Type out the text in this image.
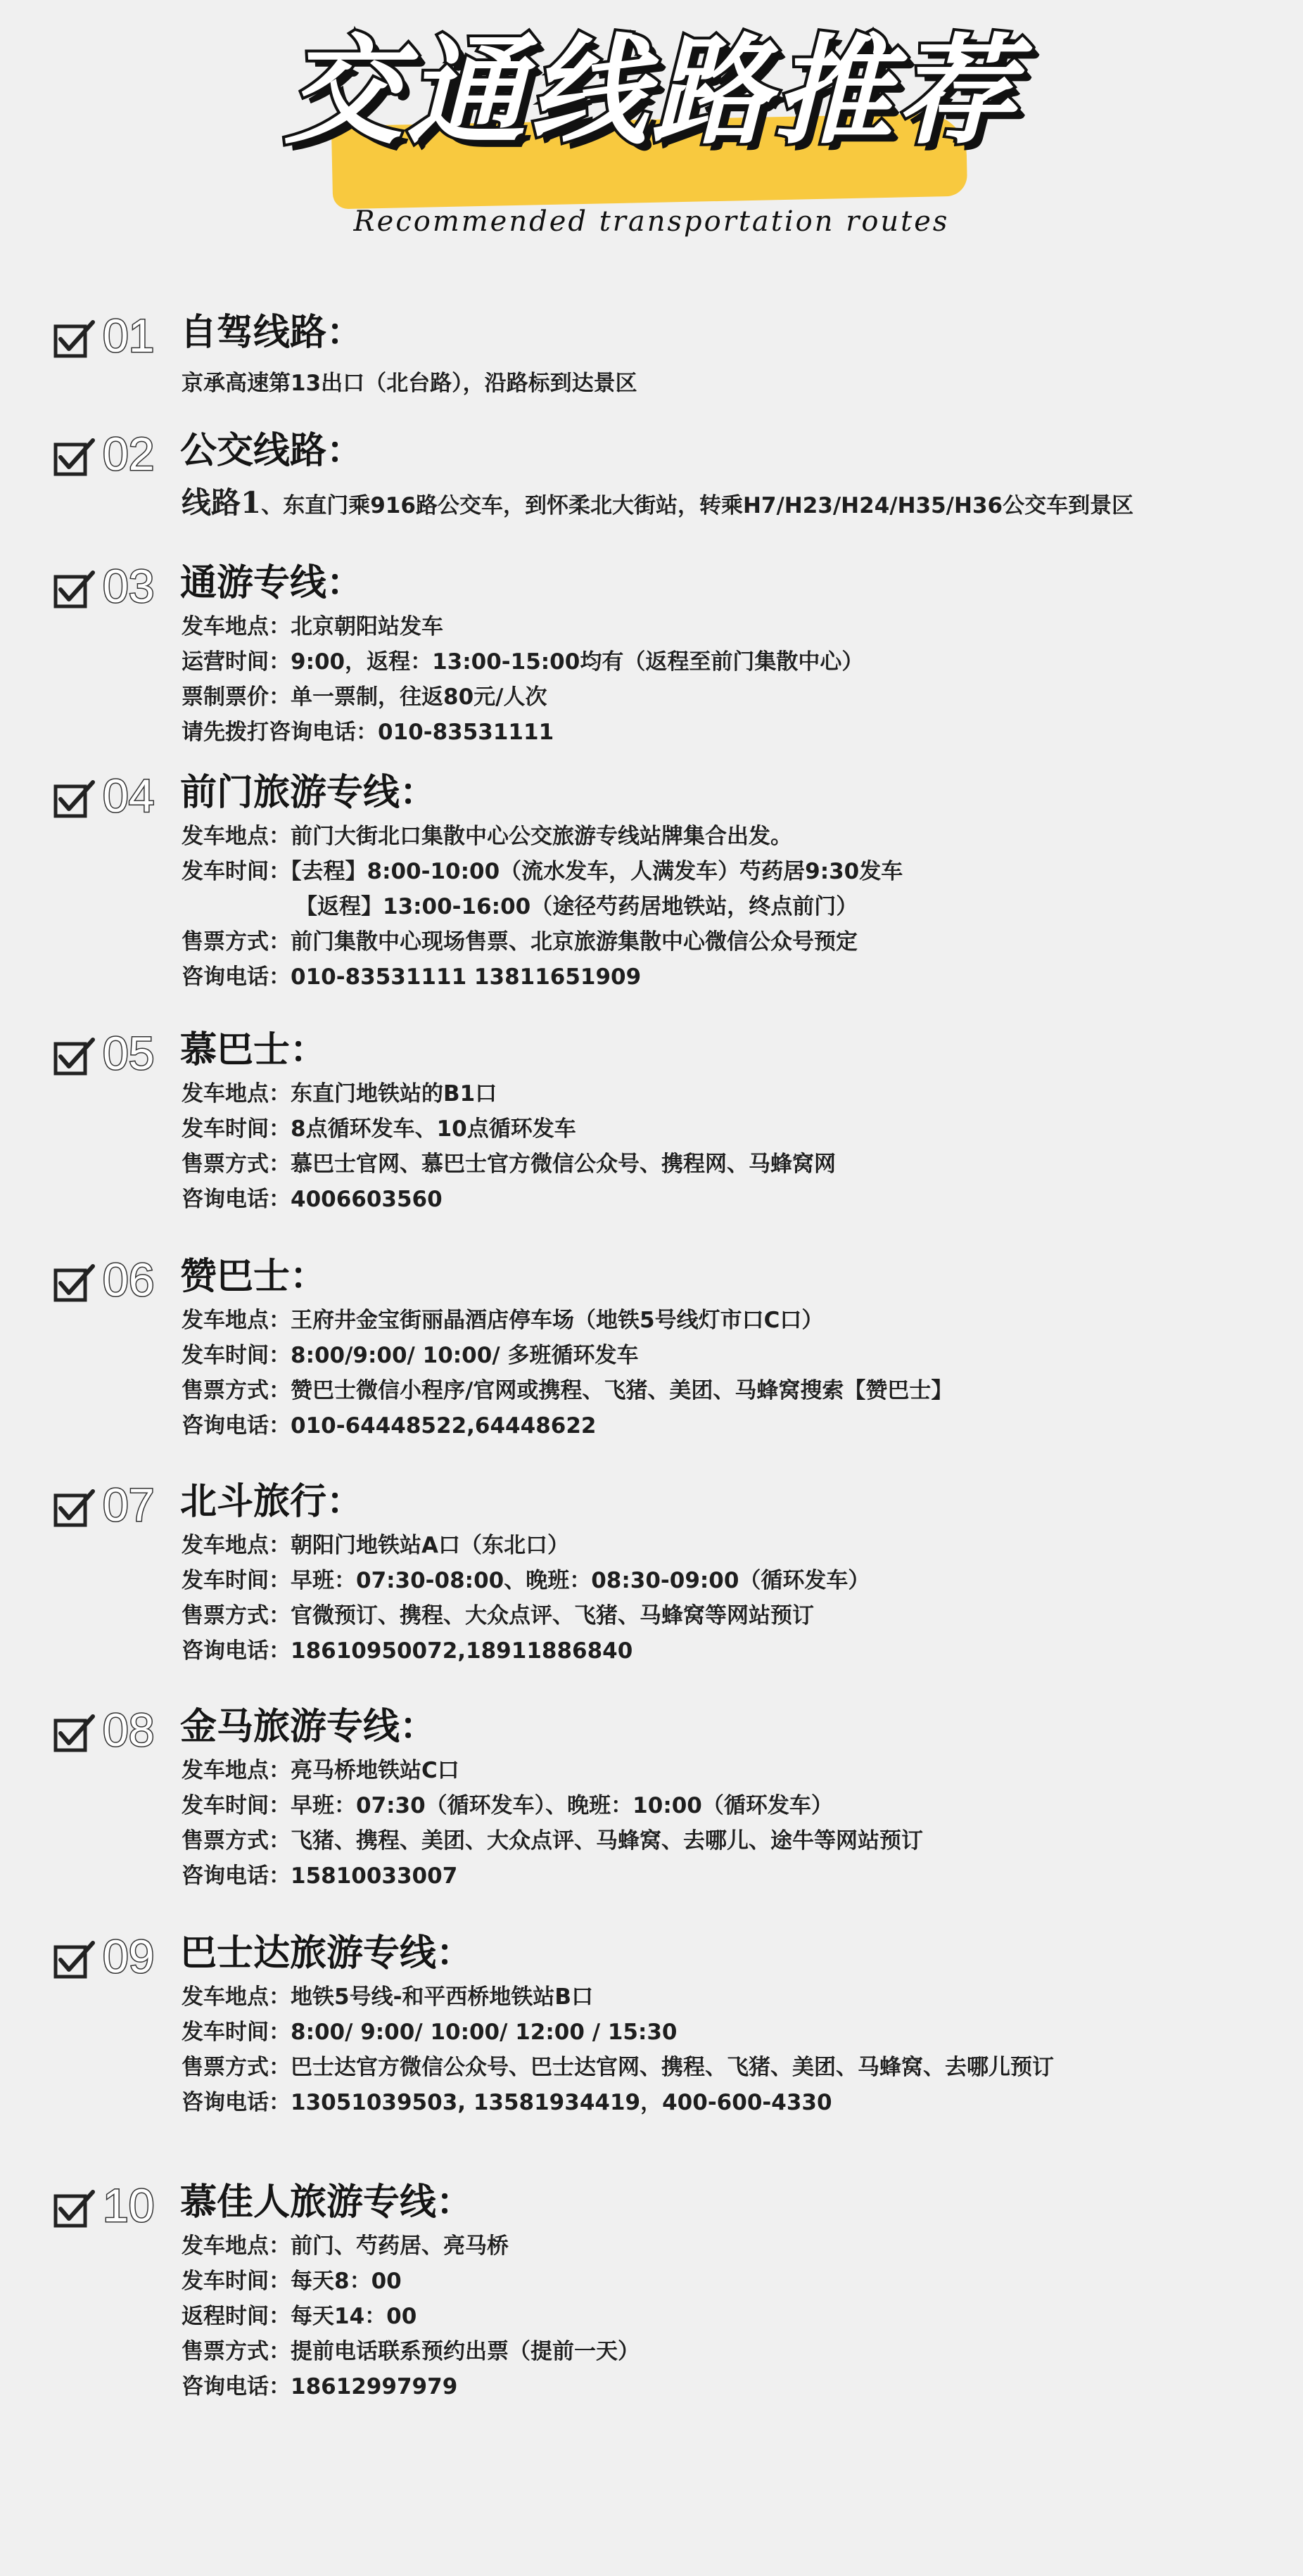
交通线路推荐
Recommended transportation routes
01 自驾线路：
京承高速第13出口（北台路），沿路标到达景区
02 公交线路：
线路1、东直门乘916路公交车，到怀柔北大街站，转乘H7/H23/H24/H35/H36公交车到景区
03 通游专线：
发车地点：北京朝阳站发车
运营时间：9:00，返程：13:00-15:00均有（返程至前门集散中心）
票制票价：单一票制，往返80元/人次
请先拨打咨询电话：010-83531111
04 前门旅游专线：
发车地点：前门大街北口集散中心公交旅游专线站牌集合出发。
发车时间：【去程】8:00-10:00（流水发车，人满发车）芍药居9:30发车
【返程】13:00-16:00（途径芍药居地铁站，终点前门）
售票方式：前门集散中心现场售票、北京旅游集散中心微信公众号预定
咨询电话：010-83531111 13811651909
05 慕巴士：
发车地点：东直门地铁站的B1口
发车时间：8点循环发车、10点循环发车
售票方式：慕巴士官网、慕巴士官方微信公众号、携程网、马蜂窝网
咨询电话：4006603560
06 赞巴士：
发车地点：王府井金宝街丽晶酒店停车场（地铁5号线灯市口C口）
发车时间：8:00/9:00/ 10:00/ 多班循环发车
售票方式：赞巴士微信小程序/官网或携程、飞猪、美团、马蜂窝搜索【赞巴士】
咨询电话：010-64448522,64448622
07 北斗旅行：
发车地点：朝阳门地铁站A口（东北口）
发车时间：早班：07:30-08:00、晚班：08:30-09:00（循环发车）
售票方式：官微预订、携程、大众点评、飞猪、马蜂窝等网站预订
咨询电话：18610950072,18911886840
08 金马旅游专线：
发车地点：亮马桥地铁站C口
发车时间：早班：07:30（循环发车）、晚班：10:00（循环发车）
售票方式：飞猪、携程、美团、大众点评、马蜂窝、去哪儿、途牛等网站预订
咨询电话：15810033007
09 巴士达旅游专线：
发车地点：地铁5号线-和平西桥地铁站B口
发车时间：8:00/ 9:00/ 10:00/ 12:00 / 15:30
售票方式：巴士达官方微信公众号、巴士达官网、携程、飞猪、美团、马蜂窝、去哪儿预订
咨询电话：13051039503, 13581934419，400-600-4330
10 慕佳人旅游专线：
发车地点：前门、芍药居、亮马桥
发车时间：每天8：00
返程时间：每天14：00
售票方式：提前电话联系预约出票（提前一天）
咨询电话：18612997979
